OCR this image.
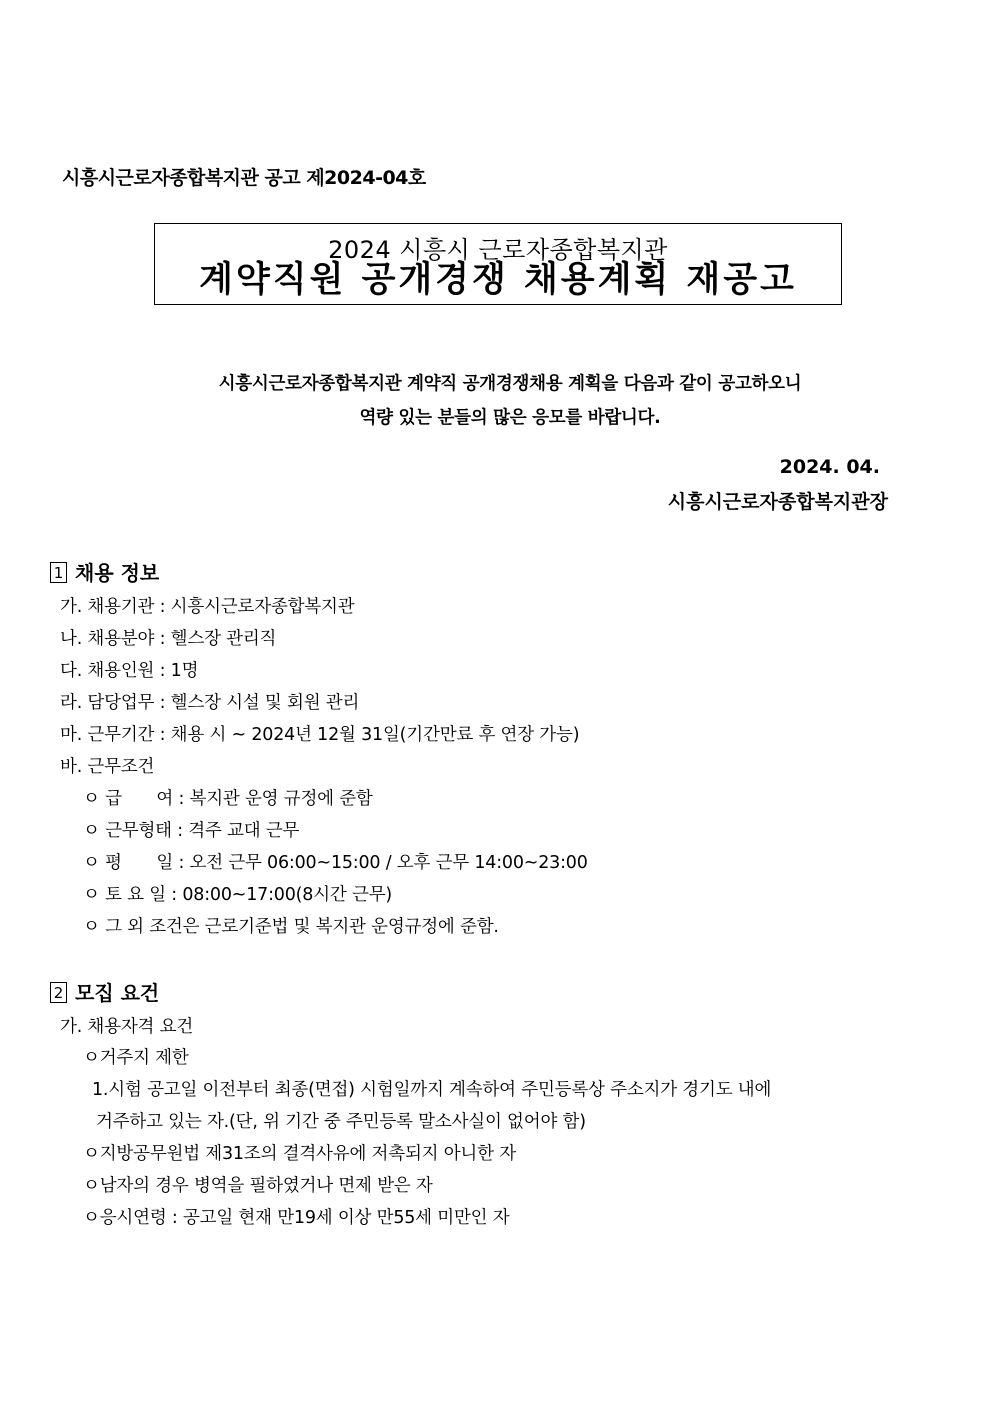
시흥시근로자종합복지관 공고 제2024-04호
2024 시흥시 근로자종합복지관
계약직원 공개경쟁 채용계획 재공고
시흥시근로자종합복지관 계약직 공개경쟁채용 계획을 다음과 같이 공고하오니
역량 있는 분들의 많은 응모를 바랍니다.
2024. 04.
시흥시근로자종합복지관장
1 채용 정보
가. 채용기관 : 시흥시근로자종합복지관
나. 채용분야 : 헬스장 관리직
다. 채용인원 : 1명
라. 담당업무 : 헬스장 시설 및 회원 관리
마. 근무기간 : 채용 시 ~ 2024년 12월 31일(기간만료 후 연장 가능)
바. 근무조건
ㅇ 급　　여 : 복지관 운영 규정에 준함
ㅇ 근무형태 : 격주 교대 근무
ㅇ 평　　일 : 오전 근무 06:00~15:00 / 오후 근무 14:00~23:00
ㅇ 토 요 일 : 08:00~17:00(8시간 근무)
ㅇ 그 외 조건은 근로기준법 및 복지관 운영규정에 준함.
2 모집 요건
가. 채용자격 요건
ㅇ거주지 제한
1.시험 공고일 이전부터 최종(면접) 시험일까지 계속하여 주민등록상 주소지가 경기도 내에
거주하고 있는 자.(단, 위 기간 중 주민등록 말소사실이 없어야 함)
ㅇ지방공무원법 제31조의 결격사유에 저촉되지 아니한 자
ㅇ남자의 경우 병역을 필하였거나 면제 받은 자
ㅇ응시연령 : 공고일 현재 만19세 이상 만55세 미만인 자
